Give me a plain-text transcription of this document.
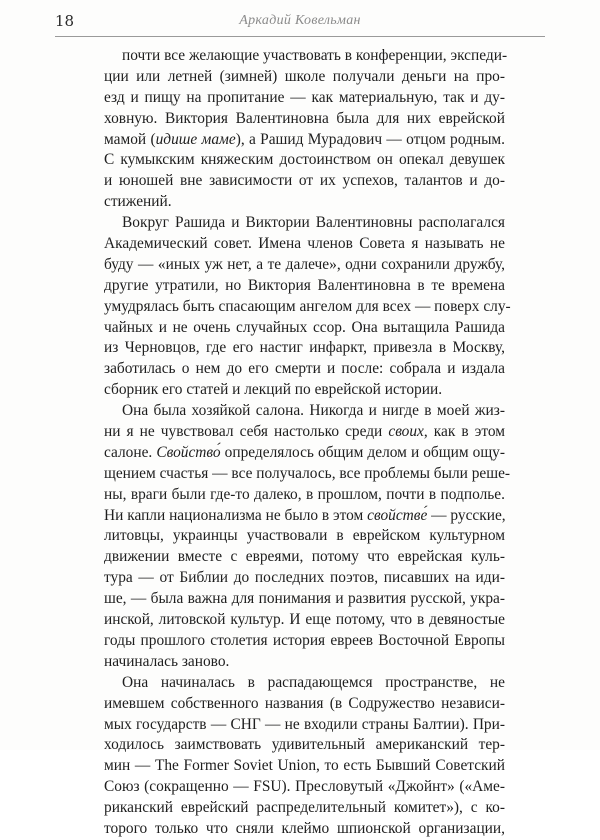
18	Аркадий Ковельман

почти все желающие участвовать в конференции, экспеди-
ции или летней (зимней) школе получали деньги на про-
езд и пищу на пропитание — как материальную, так и ду-
ховную. Виктория Валентиновна была для них еврейской
мамой (идише маме), а Рашид Мурадович — отцом родным.
С кумыкским княжеским достоинством он опекал девушек
и юношей вне зависимости от их успехов, талантов и до-
стижений.

Вокруг Рашида и Виктории Валентиновны располагался
Академический совет. Имена членов Совета я называть не
буду — «иных уж нет, а те далече», одни сохранили дружбу,
другие утратили, но Виктория Валентиновна в те времена
умудрялась быть спасающим ангелом для всех — поверх слу-
чайных и не очень случайных ссор. Она вытащила Рашида
из Черновцов, где его настиг инфаркт, привезла в Москву,
заботилась о нем до его смерти и после: собрала и издала
сборник его статей и лекций по еврейской истории.

Она была хозяйкой салона. Никогда и нигде в моей жиз-
ни я не чувствовал себя настолько среди своих, как в этом
салоне. Свойство́ определялось общим делом и общим ощу-
щением счастья — все получалось, все проблемы были реше-
ны, враги были где-то далеко, в прошлом, почти в подполье.
Ни капли национализма не было в этом свойстве́ — русские,
литовцы, украинцы участвовали в еврейском культурном
движении вместе с евреями, потому что еврейская куль-
тура — от Библии до последних поэтов, писавших на иди-
ше, — была важна для понимания и развития русской, укра-
инской, литовской культур. И еще потому, что в девяностые
годы прошлого столетия история евреев Восточной Европы
начиналась заново.

Она начиналась в распадающемся пространстве, не
имевшем собственного названия (в Содружество независи-
мых государств — СНГ — не входили страны Балтии). При-
ходилось заимствовать удивительный американский тер-
мин — The Former Soviet Union, то есть Бывший Советский
Союз (сокращенно — FSU). Пресловутый «Джойнт» («Аме-
риканский еврейский распределительный комитет»), с ко-
торого только что сняли клеймо шпионской организации,
